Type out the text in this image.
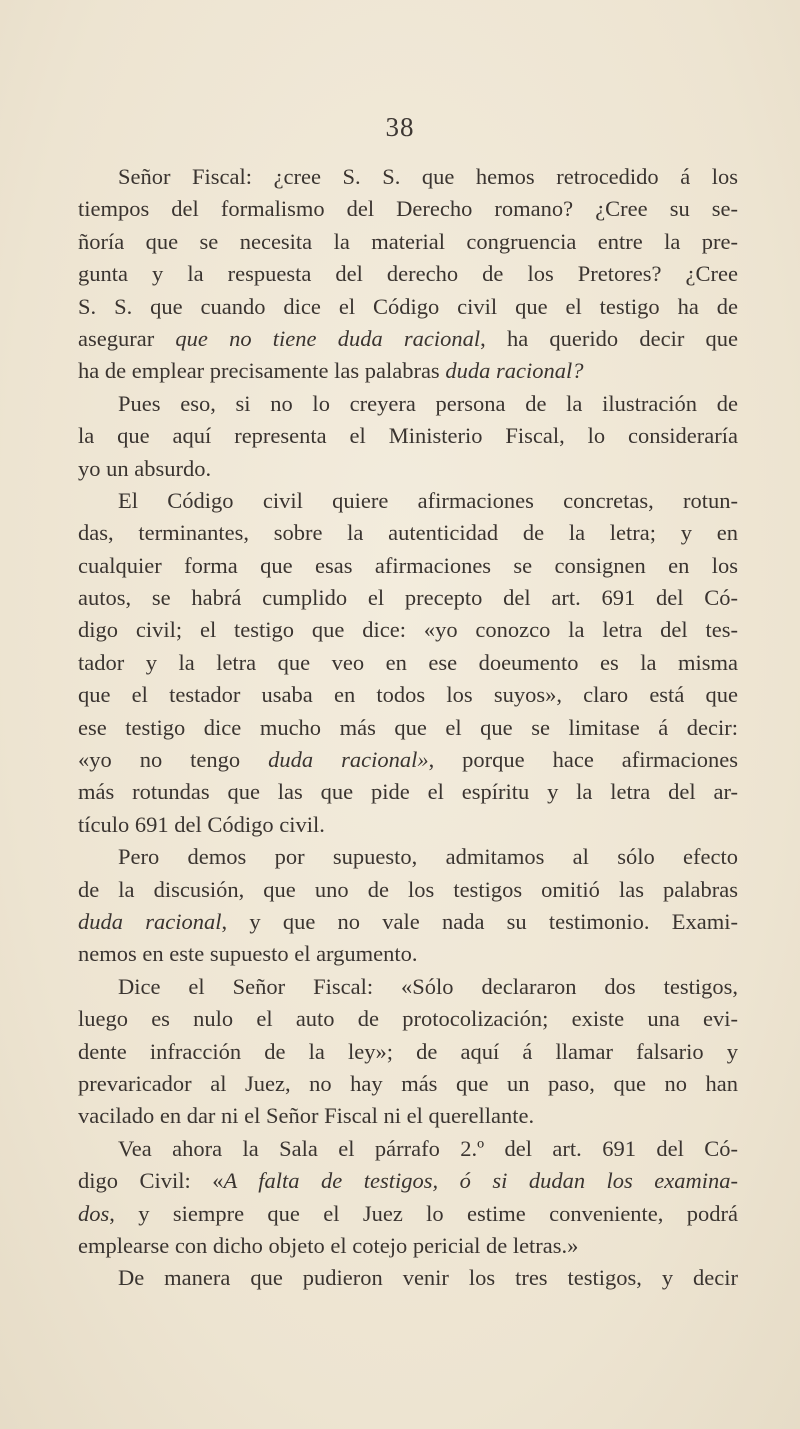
38
Señor Fiscal: ¿cree S. S. que hemos retrocedido á los
tiempos del formalismo del Derecho romano? ¿Cree su se-
ñoría que se necesita la material congruencia entre la pre-
gunta y la respuesta del derecho de los Pretores? ¿Cree
S. S. que cuando dice el Código civil que el testigo ha de
asegurar que no tiene duda racional, ha querido decir que
ha de emplear precisamente las palabras duda racional?
Pues eso, si no lo creyera persona de la ilustración de
la que aquí representa el Ministerio Fiscal, lo consideraría
yo un absurdo.
El Código civil quiere afirmaciones concretas, rotun-
das, terminantes, sobre la autenticidad de la letra; y en
cualquier forma que esas afirmaciones se consignen en los
autos, se habrá cumplido el precepto del art. 691 del Có-
digo civil; el testigo que dice: «yo conozco la letra del tes-
tador y la letra que veo en ese doeumento es la misma
que el testador usaba en todos los suyos», claro está que
ese testigo dice mucho más que el que se limitase á decir:
«yo no tengo duda racional», porque hace afirmaciones
más rotundas que las que pide el espíritu y la letra del ar-
tículo 691 del Código civil.
Pero demos por supuesto, admitamos al sólo efecto
de la discusión, que uno de los testigos omitió las palabras
duda racional, y que no vale nada su testimonio. Exami-
nemos en este supuesto el argumento.
Dice el Señor Fiscal: «Sólo declararon dos testigos,
luego es nulo el auto de protocolización; existe una evi-
dente infracción de la ley»; de aquí á llamar falsario y
prevaricador al Juez, no hay más que un paso, que no han
vacilado en dar ni el Señor Fiscal ni el querellante.
Vea ahora la Sala el párrafo 2.º del art. 691 del Có-
digo Civil: «A falta de testigos, ó si dudan los examina-
dos, y siempre que el Juez lo estime conveniente, podrá
emplearse con dicho objeto el cotejo pericial de letras.»
De manera que pudieron venir los tres testigos, y decir
